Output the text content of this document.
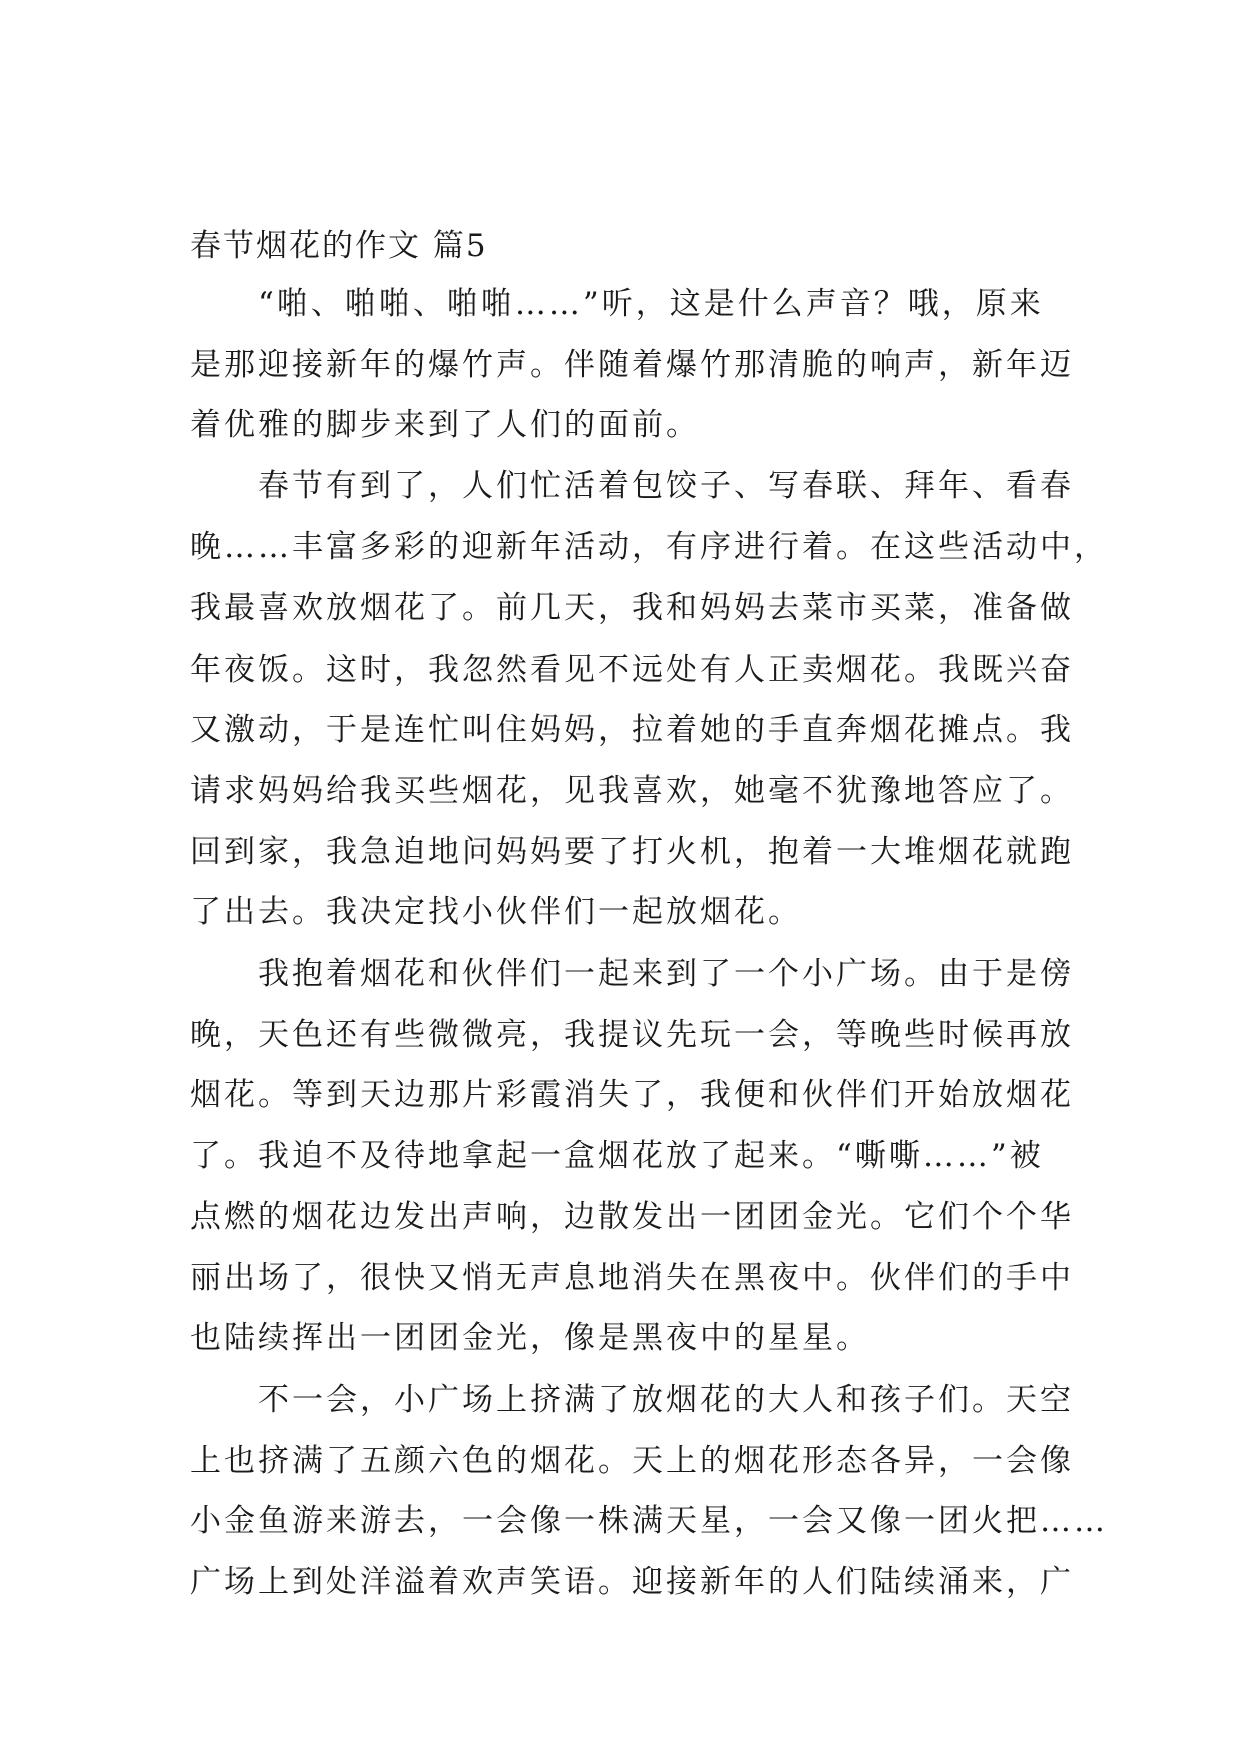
春节烟花的作文 篇5
　　“啪、啪啪、啪啪……”听，这是什么声音？哦，原来
是那迎接新年的爆竹声。伴随着爆竹那清脆的响声，新年迈
着优雅的脚步来到了人们的面前。
　　春节有到了，人们忙活着包饺子、写春联、拜年、看春
晚……丰富多彩的迎新年活动，有序进行着。在这些活动中，
我最喜欢放烟花了。前几天，我和妈妈去菜市买菜，准备做
年夜饭。这时，我忽然看见不远处有人正卖烟花。我既兴奋
又激动，于是连忙叫住妈妈，拉着她的手直奔烟花摊点。我
请求妈妈给我买些烟花，见我喜欢，她毫不犹豫地答应了。
回到家，我急迫地问妈妈要了打火机，抱着一大堆烟花就跑
了出去。我决定找小伙伴们一起放烟花。
　　我抱着烟花和伙伴们一起来到了一个小广场。由于是傍
晚，天色还有些微微亮，我提议先玩一会，等晚些时候再放
烟花。等到天边那片彩霞消失了，我便和伙伴们开始放烟花
了。我迫不及待地拿起一盒烟花放了起来。“嘶嘶……”被
点燃的烟花边发出声响，边散发出一团团金光。它们个个华
丽出场了，很快又悄无声息地消失在黑夜中。伙伴们的手中
也陆续挥出一团团金光，像是黑夜中的星星。
　　不一会，小广场上挤满了放烟花的大人和孩子们。天空
上也挤满了五颜六色的烟花。天上的烟花形态各异，一会像
小金鱼游来游去，一会像一株满天星，一会又像一团火把……
广场上到处洋溢着欢声笑语。迎接新年的人们陆续涌来，广
